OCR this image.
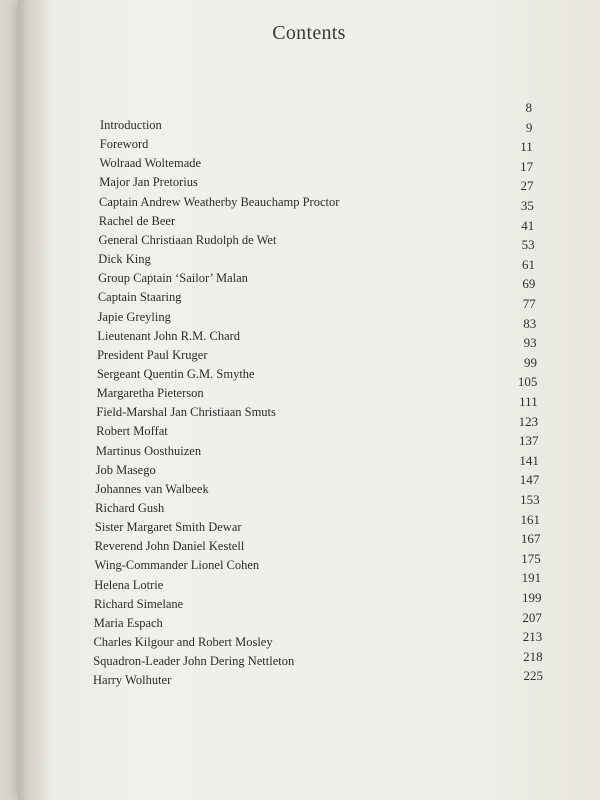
Contents
Introduction
Foreword
Wolraad Woltemade
Major Jan Pretorius
Captain Andrew Weatherby Beauchamp Proctor
Rachel de Beer
General Christiaan Rudolph de Wet
Dick King
Group Captain ‘Sailor’ Malan
Captain Staaring
Japie Greyling
Lieutenant John R.M. Chard
President Paul Kruger
Sergeant Quentin G.M. Smythe
Margaretha Pieterson
Field-Marshal Jan Christiaan Smuts
Robert Moffat
Martinus Oosthuizen
Job Masego
Johannes van Walbeek
Richard Gush
Sister Margaret Smith Dewar
Reverend John Daniel Kestell
Wing-Commander Lionel Cohen
Helena Lotrie
Richard Simelane
Maria Espach
Charles Kilgour and Robert Mosley
Squadron-Leader John Dering Nettleton
Harry Wolhuter
8
9
11
17
27
35
41
53
61
69
77
83
93
99
105
111
123
137
141
147
153
161
167
175
191
199
207
213
218
225
